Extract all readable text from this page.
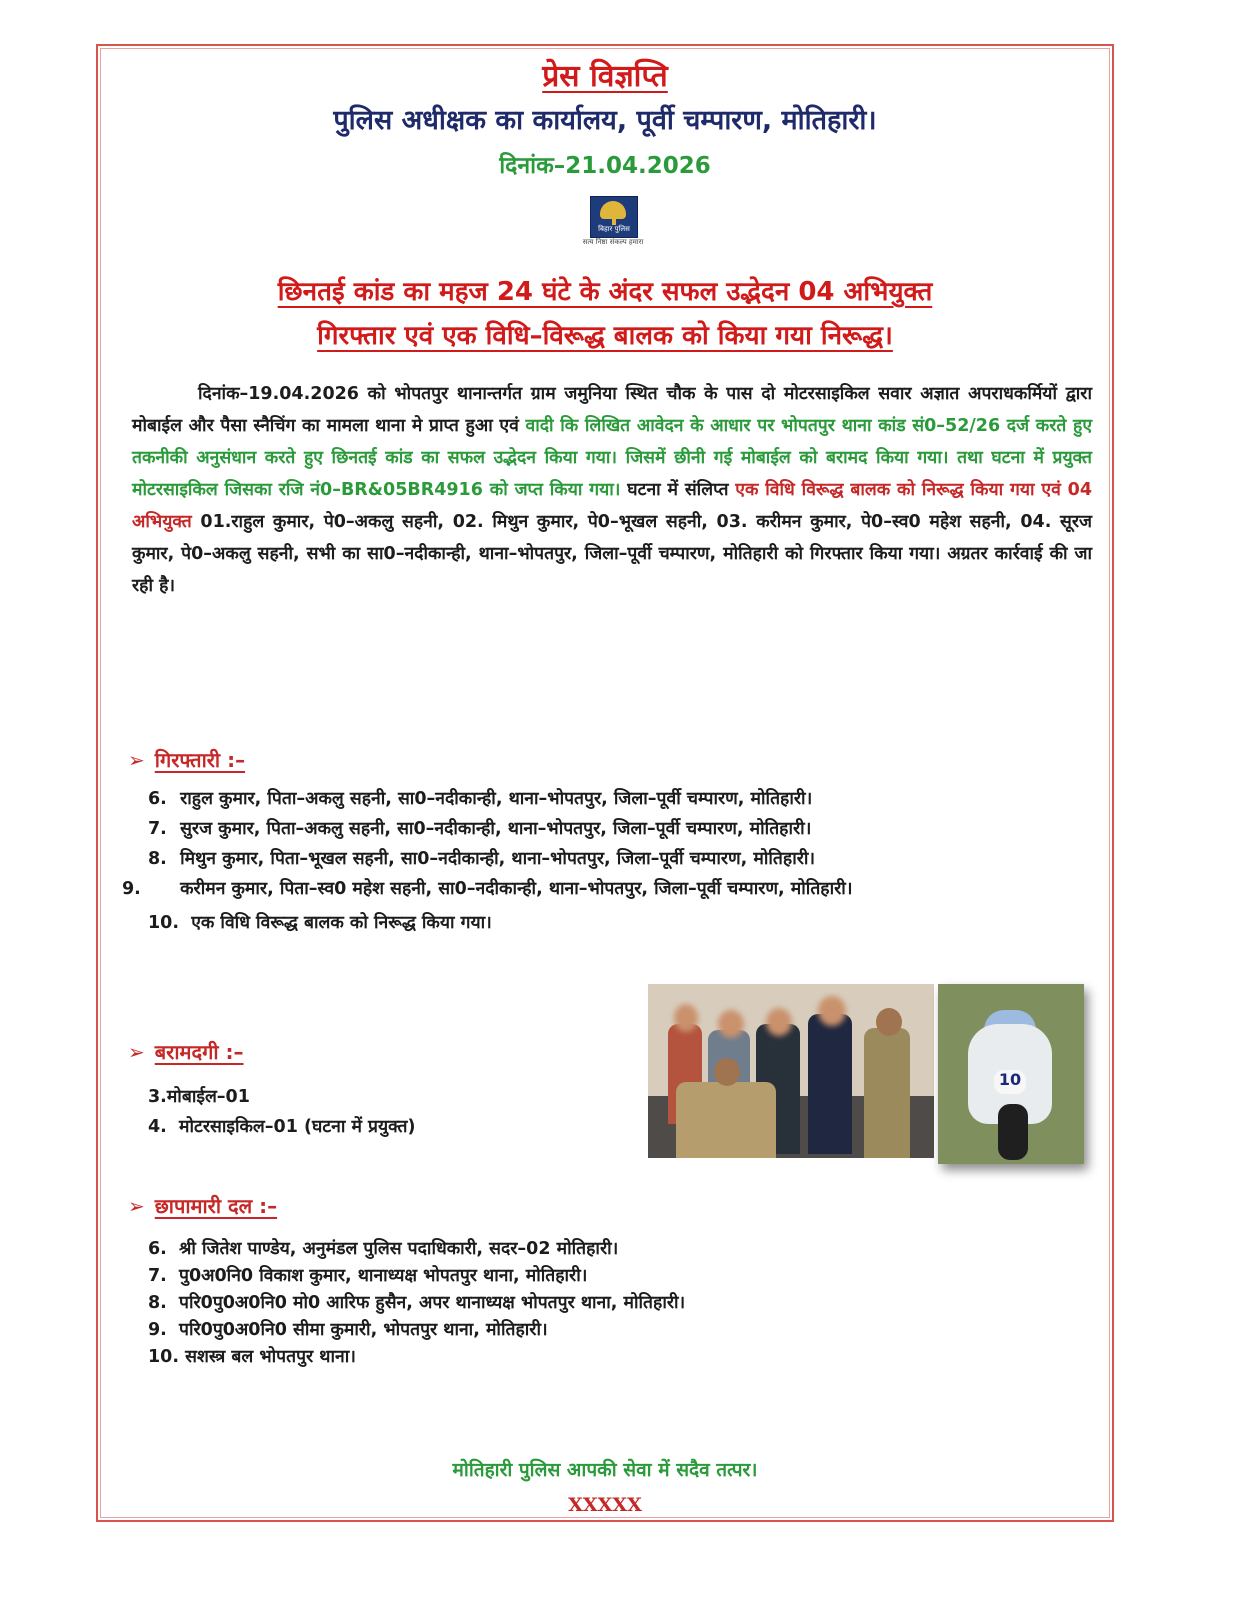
प्रेस विज्ञप्ति
पुलिस अधीक्षक का कार्यालय, पूर्वी चम्पारण, मोतिहारी।
दिनांक–21.04.2026
बिहार पुलिस
सत्य निष्ठा संकल्प हमारा
छिनतई कांड का महज 24 घंटे के अंदर सफल उद्भेदन 04 अभियुक्त
गिरफ्तार एवं एक विधि–विरूद्ध बालक को किया गया निरूद्ध।
दिनांक–19.04.2026 को भोपतपुर थानान्तर्गत ग्राम जमुनिया स्थित चौक के पास दो मोटरसाइकिल सवार अज्ञात अपराधकर्मियों द्वारा मोबाईल और पैसा स्नैचिंग का मामला थाना मे प्राप्त हुआ एवं वादी कि लिखित आवेदन के आधार पर भोपतपुर थाना कांड सं0–52/26 दर्ज करते हुए तकनीकी अनुसंधान करते हुए छिनतई कांड का सफल उद्भेदन किया गया। जिसमें छीनी गई मोबाईल को बरामद किया गया। तथा घटना में प्रयुक्त मोटरसाइकिल जिसका रजि नं0–BR&05BR4916 को जप्त किया गया। घटना में संलिप्त एक विधि विरूद्ध बालक को निरूद्ध किया गया एवं 04 अभियुक्त 01.राहुल कुमार, पे0–अकलु सहनी, 02. मिथुन कुमार, पे0–भूखल सहनी, 03. करीमन कुमार, पे0–स्व0 महेश सहनी, 04. सूरज कुमार, पे0–अकलु सहनी, सभी का सा0–नदीकान्ही, थाना–भोपतपुर, जिला–पूर्वी चम्पारण, मोतिहारी को गिरफ्तार किया गया। अग्रतर कार्रवाई की जा रही है।
➢ गिरफ्तारी :–
6. राहुल कुमार, पिता–अकलु सहनी, सा0–नदीकान्ही, थाना–भोपतपुर, जिला–पूर्वी चम्पारण, मोतिहारी।
7. सुरज कुमार, पिता–अकलु सहनी, सा0–नदीकान्ही, थाना–भोपतपुर, जिला–पूर्वी चम्पारण, मोतिहारी।
8. मिथुन कुमार, पिता–भूखल सहनी, सा0–नदीकान्ही, थाना–भोपतपुर, जिला–पूर्वी चम्पारण, मोतिहारी।
9. करीमन कुमार, पिता–स्व0 महेश सहनी, सा0–नदीकान्ही, थाना–भोपतपुर, जिला–पूर्वी चम्पारण, मोतिहारी।
10.  एक विधि विरूद्ध बालक को निरूद्ध किया गया।
10
➢ बरामदगी :–
3.मोबाईल–01
4.  मोटरसाइकिल–01 (घटना में प्रयुक्त)
➢ छापामारी दल :–
6.  श्री जितेश पाण्डेय, अनुमंडल पुलिस पदाधिकारी, सदर–02 मोतिहारी।
7.  पु0अ0नि0 विकाश कुमार, थानाध्यक्ष भोपतपुर थाना, मोतिहारी।
8.  परि0पु0अ0नि0 मो0 आरिफ हुसैन, अपर थानाध्यक्ष भोपतपुर थाना, मोतिहारी।
9.  परि0पु0अ0नि0 सीमा कुमारी, भोपतपुर थाना, मोतिहारी।
10. सशस्त्र बल भोपतपुर थाना।
मोतिहारी पुलिस आपकी सेवा में सदैव तत्पर।
XXXXX
